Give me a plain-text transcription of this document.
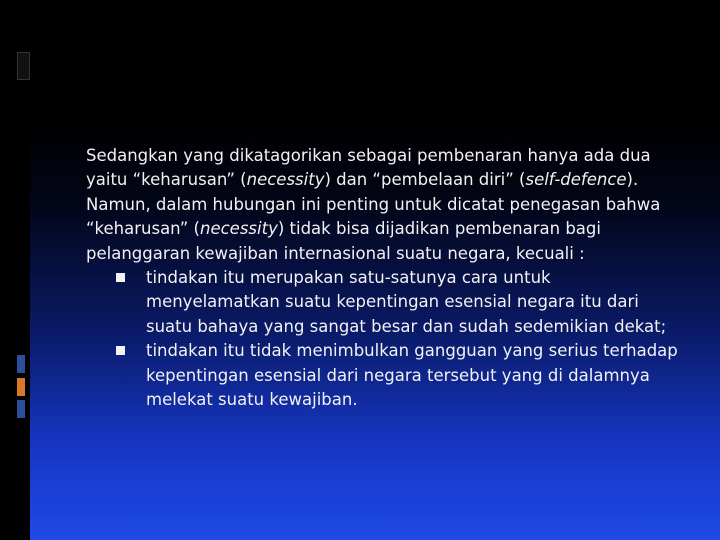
Sedangkan yang dikatagorikan sebagai pembenaran hanya ada dua yaitu “keharusan” (necessity) dan “pembelaan diri” (self-defence).

Namun, dalam hubungan ini penting untuk dicatat penegasan bahwa “keharusan” (necessity) tidak bisa dijadikan pembenaran bagi pelanggaran kewajiban internasional suatu negara, kecuali :

tindakan itu merupakan satu-satunya cara untuk menyelamatkan suatu kepentingan esensial negara itu dari suatu bahaya yang sangat besar dan sudah sedemikian dekat;
tindakan itu tidak menimbulkan gangguan yang serius terhadap kepentingan esensial dari negara tersebut yang di dalamnya melekat suatu kewajiban.
